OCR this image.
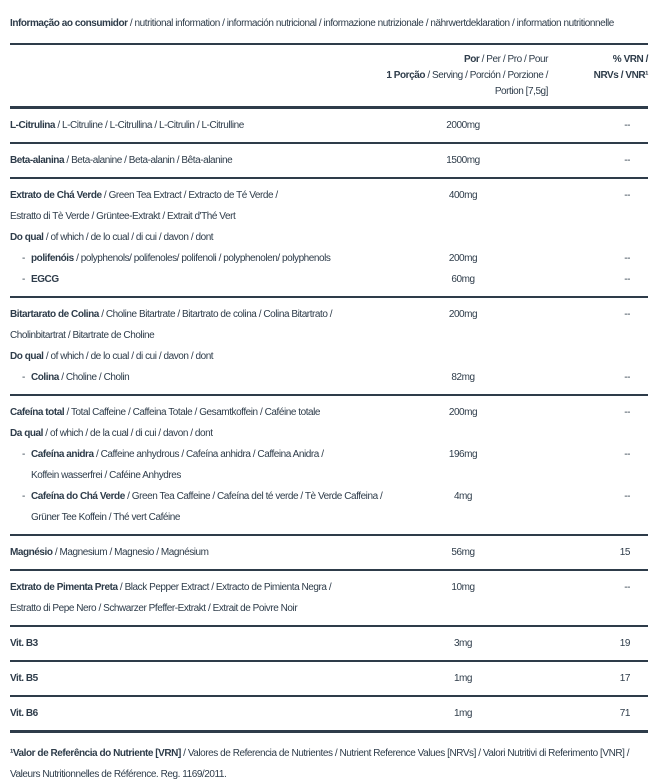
Informação ao consumidor / nutritional information / información nutricional / informazione nutrizionale / nährwertdeklaration / information nutritionnelle
Por / Per / Pro / Pour
1 Porção / Serving / Porción / Porzione / Portion [7,5g]
% VRN /
NRVs / VNR¹
L-Citrulina / L-Citruline / L-Citrullina / L-Citrulin / L-Citrulline	2000mg	--
Beta-alanina / Beta-alanine / Beta-alanin / Bêta-alanine	1500mg	--
Extrato de Chá Verde / Green Tea Extract / Extracto de Té Verde /	400mg	--
Estratto di Tè Verde / Grüntee-Extrakt / Extrait d'Thé Vert
Do qual / of which / de lo cual / di cui / davon / dont
- polifenóis / polyphenols/ polifenoles/ polifenoli / polyphenolen/ polyphenols	200mg	--
- EGCG	60mg	--
Bitartarato de Colina / Choline Bitartrate / Bitartrato de colina / Colina Bitartrato /	200mg	--
Cholinbitartrat / Bitartrate de Choline
Do qual / of which / de lo cual / di cui / davon / dont
- Colina / Choline / Cholin	82mg	--
Cafeína total / Total Caffeine / Caffeina Totale / Gesamtkoffein / Caféine totale	200mg	--
Da qual / of which / de la cual / di cui / davon / dont
- Cafeína anidra / Caffeine anhydrous / Cafeína anhidra / Caffeina Anidra /	196mg	--
Koffein wasserfrei / Caféine Anhydres
- Cafeína do Chá Verde / Green Tea Caffeine / Cafeína del té verde / Tè Verde Caffeina /	4mg	--
Grüner Tee Koffein / Thé vert Caféine
Magnésio / Magnesium / Magnesio / Magnésium	56mg	15
Extrato de Pimenta Preta / Black Pepper Extract / Extracto de Pimienta Negra /	10mg	--
Estratto di Pepe Nero / Schwarzer Pfeffer-Extrakt / Extrait de Poivre Noir
Vit. B3	3mg	19
Vit. B5	1mg	17
Vit. B6	1mg	71
¹Valor de Referência do Nutriente [VRN] / Valores de Referencia de Nutrientes / Nutrient Reference Values [NRVs] / Valori Nutritivi di Referimento [VNR] / Valeurs Nutritionnelles de Référence. Reg. 1169/2011.
